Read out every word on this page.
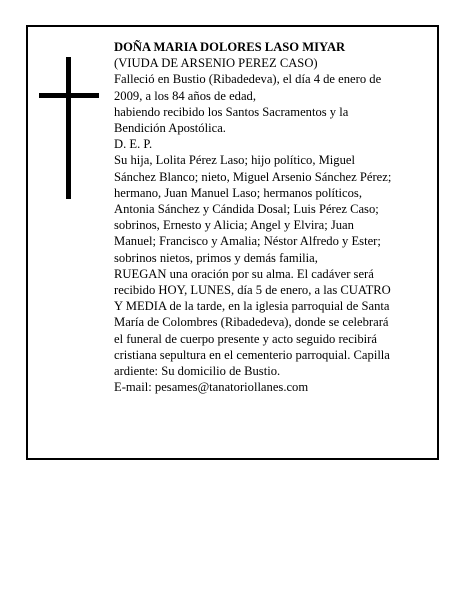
DOÑA MARIA DOLORES LASO MIYAR
(VIUDA DE ARSENIO PEREZ CASO)
Falleció en Bustio (Ribadedeva), el día 4 de enero de
2009, a los 84 años de edad,
habiendo recibido los Santos Sacramentos y la
Bendición Apostólica.
D. E. P.
Su hija, Lolita Pérez Laso; hijo político, Miguel
Sánchez Blanco; nieto, Miguel Arsenio Sánchez Pérez;
hermano, Juan Manuel Laso; hermanos políticos,
Antonia Sánchez y Cándida Dosal; Luis Pérez Caso;
sobrinos, Ernesto y Alicia; Angel y Elvira; Juan
Manuel; Francisco y Amalia; Néstor Alfredo y Ester;
sobrinos nietos, primos y demás familia,
RUEGAN una oración por su alma. El cadáver será
recibido HOY, LUNES, día 5 de enero, a las CUATRO
Y MEDIA de la tarde, en la iglesia parroquial de Santa
María de Colombres (Ribadedeva), donde se celebrará
el funeral de cuerpo presente y acto seguido recibirá
cristiana sepultura en el cementerio parroquial. Capilla
ardiente: Su domicilio de Bustio.
E-mail: pesames@tanatoriollanes.com
